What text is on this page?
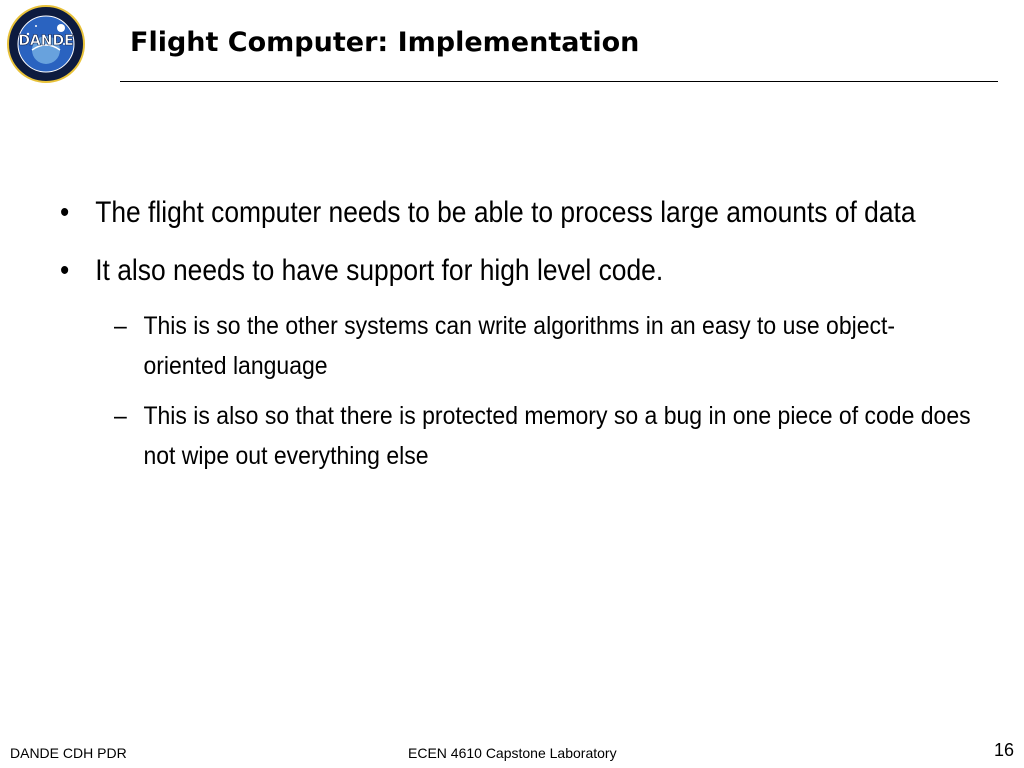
DANDE Flight Computer: Implementation
• The flight computer needs to be able to process large amounts of data
• It also needs to have support for high level code.
– This is so the other systems can write algorithms in an easy to use object-oriented language
– This is also so that there is protected memory so a bug in one piece of code does not wipe out everything else
DANDE CDH PDR	ECEN 4610 Capstone Laboratory	16
